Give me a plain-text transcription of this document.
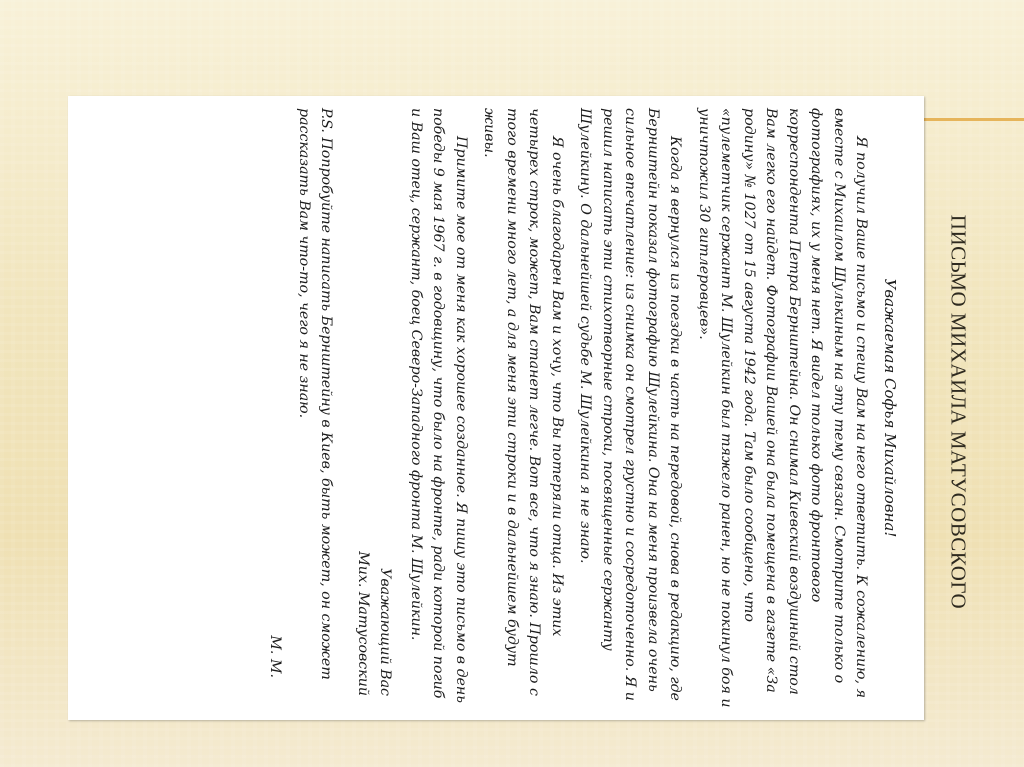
Уважаемая Софья Михайловна!

Я получил Ваше письмо и спешу Вам на него ответить. К сожалению, я вместе с Михаилом Шулькиным на эту тему связан. Смотрите только о фотографиях, их у меня нет. Я видел только фото фронтового корреспондента Петра Бернштейна. Он снимал Киевский воздушный стол Вам легко его найдет. Фотографии Вашей она была помещена в газете «За родину» № 1027 от 15 августа 1942 года. Там было сообщено, что «пулеметчик сержант М. Шулейкин был тяжело ранен, но не покинул боя и уничтожил 30 гитлеровцев».

Когда я вернулся из поездки в часть на передовой, снова в редакцию, где Бернштейн показал фотографию Шулейкина. Она на меня произвела очень сильное впечатление: из снимка он смотрел грустно и сосредоточенно. Я и решил написать эти стихотворные строки, посвященные сержанту Шулейкину. О дальнейшей судьбе М. Шулейкина я не знаю.

Я очень благодарен Вам и хочу, что Вы потеряли отца. Из этих четырех строк, может, Вам станет легче. Вот все, что я знаю. Прошло с того времени много лет, а для меня эти строки и в дальнейшем будут живы.

Примите мое от меня как хорошее созданное. Я пишу это письмо в день победы 9 мая 1967 г. в годовщину, что было на фронте, ради которой погиб и Ваш отец, сержант, боец Северо-Западного фронта М. Шулейкин.

Уважающий Вас
Мих. Матусовский

P.S. Попробуйте написать Бернштейну в Киев, быть может, он сможет рассказать Вам что-то, чего я не знаю.

М. М.
ПИСЬМО МИХАИЛА МАТУСОВСКОГО
